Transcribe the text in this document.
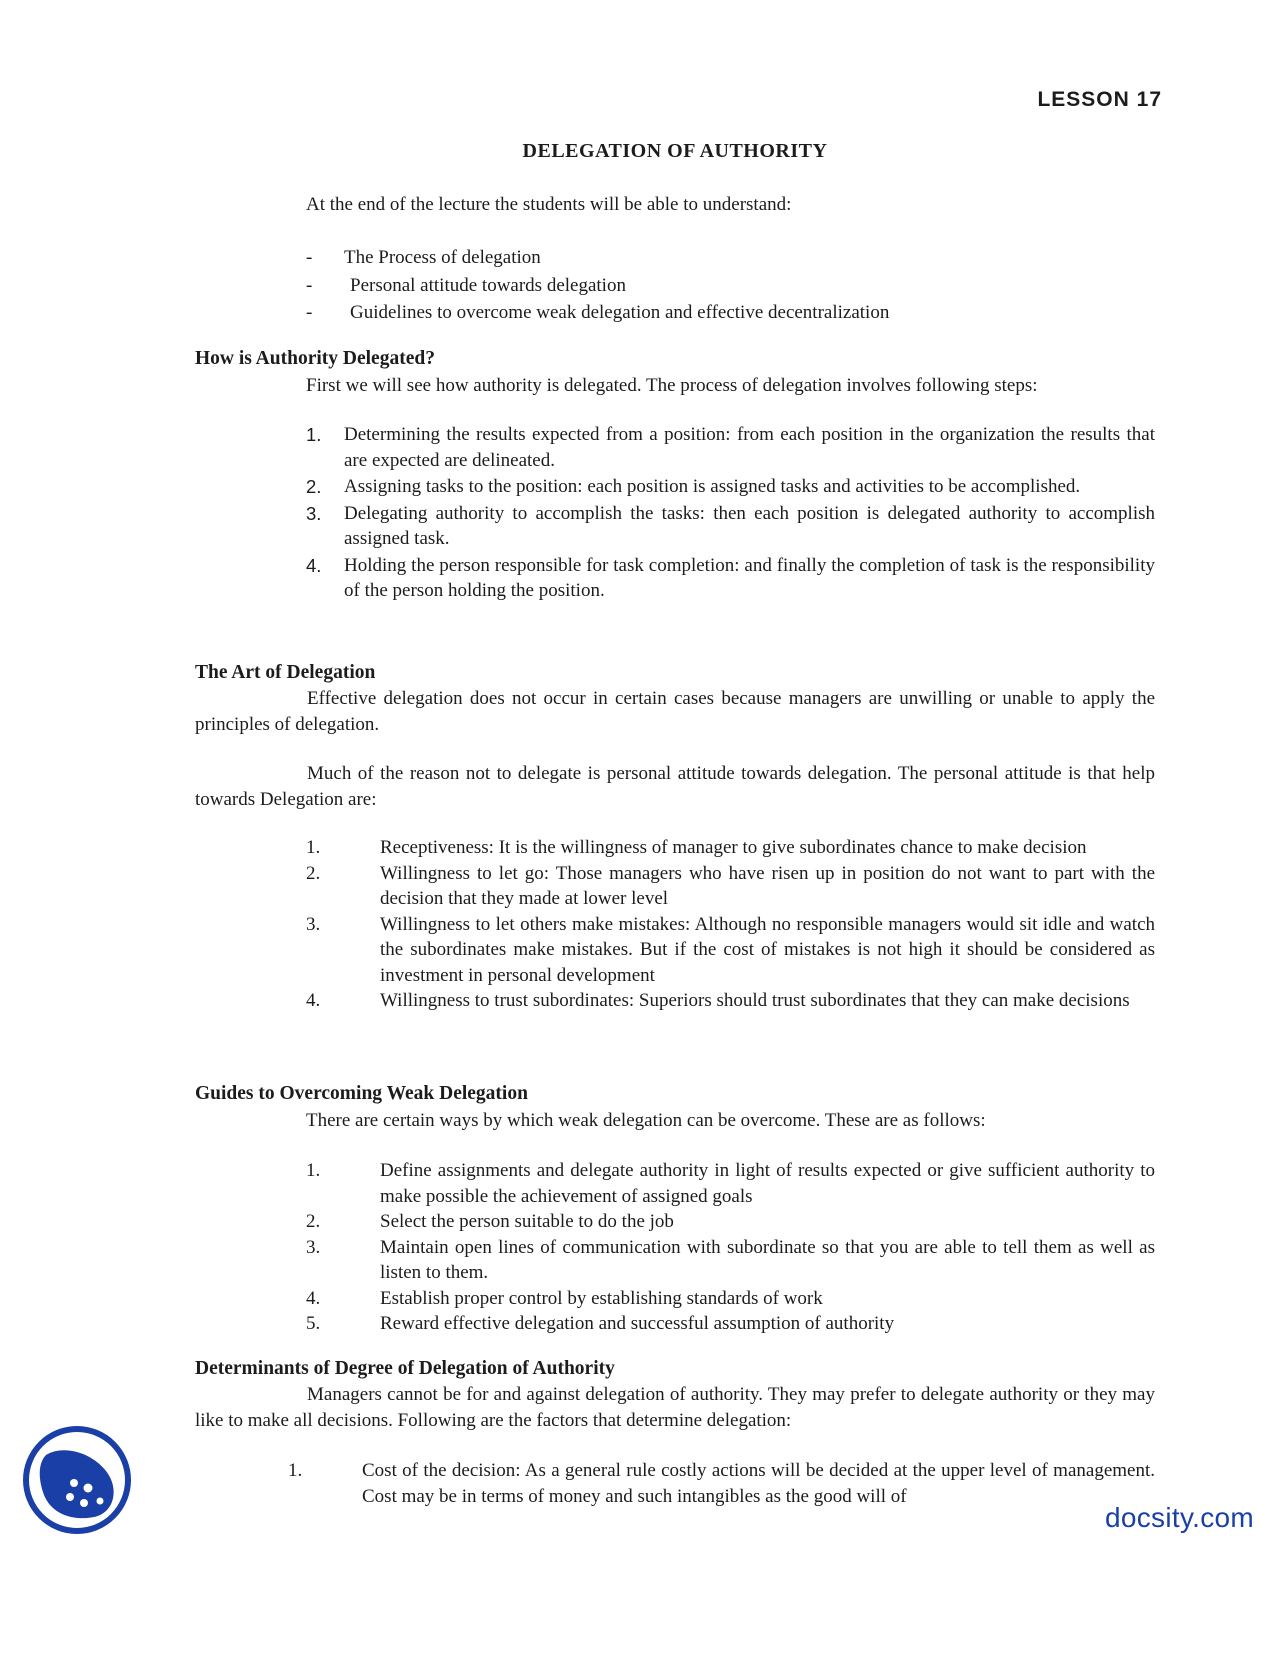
LESSON 17
DELEGATION OF AUTHORITY
At the end of the lecture the students will be able to understand:
- The Process of delegation
- Personal attitude towards delegation
- Guidelines to overcome weak delegation and effective decentralization
How is Authority Delegated?
First we will see how authority is delegated. The process of delegation involves following steps:
1. Determining the results expected from a position: from each position in the organization the results that are expected are delineated.
2. Assigning tasks to the position: each position is assigned tasks and activities to be accomplished.
3. Delegating authority to accomplish the tasks: then each position is delegated authority to accomplish assigned task.
4. Holding the person responsible for task completion: and finally the completion of task is the responsibility of the person holding the position.
The Art of Delegation
Effective delegation does not occur in certain cases because managers are unwilling or unable to apply the principles of delegation.
Much of the reason not to delegate is personal attitude towards delegation. The personal attitude is that help towards Delegation are:
1.	Receptiveness: It is the willingness of manager to give subordinates chance to make decision
2.	Willingness to let go: Those managers who have risen up in position do not want to part with the decision that they made at lower level
3.	Willingness to let others make mistakes: Although no responsible managers would sit idle and watch the subordinates make mistakes. But if the cost of mistakes is not high it should be considered as investment in personal development
4.	Willingness to trust subordinates: Superiors should trust subordinates that they can make decisions
Guides to Overcoming Weak Delegation
There are certain ways by which weak delegation can be overcome. These are as follows:
1.	Define assignments and delegate authority in light of results expected or give sufficient authority to make possible the achievement of assigned goals
2.	Select the person suitable to do the job
3.	Maintain open lines of communication with subordinate so that you are able to tell them as well as listen to them.
4.	Establish proper control by establishing standards of work
5.	Reward effective delegation and successful assumption of authority
Determinants of Degree of Delegation of Authority
Managers cannot be for and against delegation of authority. They may prefer to delegate authority or they may like to make all decisions. Following are the factors that determine delegation:
1.	Cost of the decision: As a general rule costly actions will be decided at the upper level of management. Cost may be in terms of money and such intangibles as the good will of
docsity.com
